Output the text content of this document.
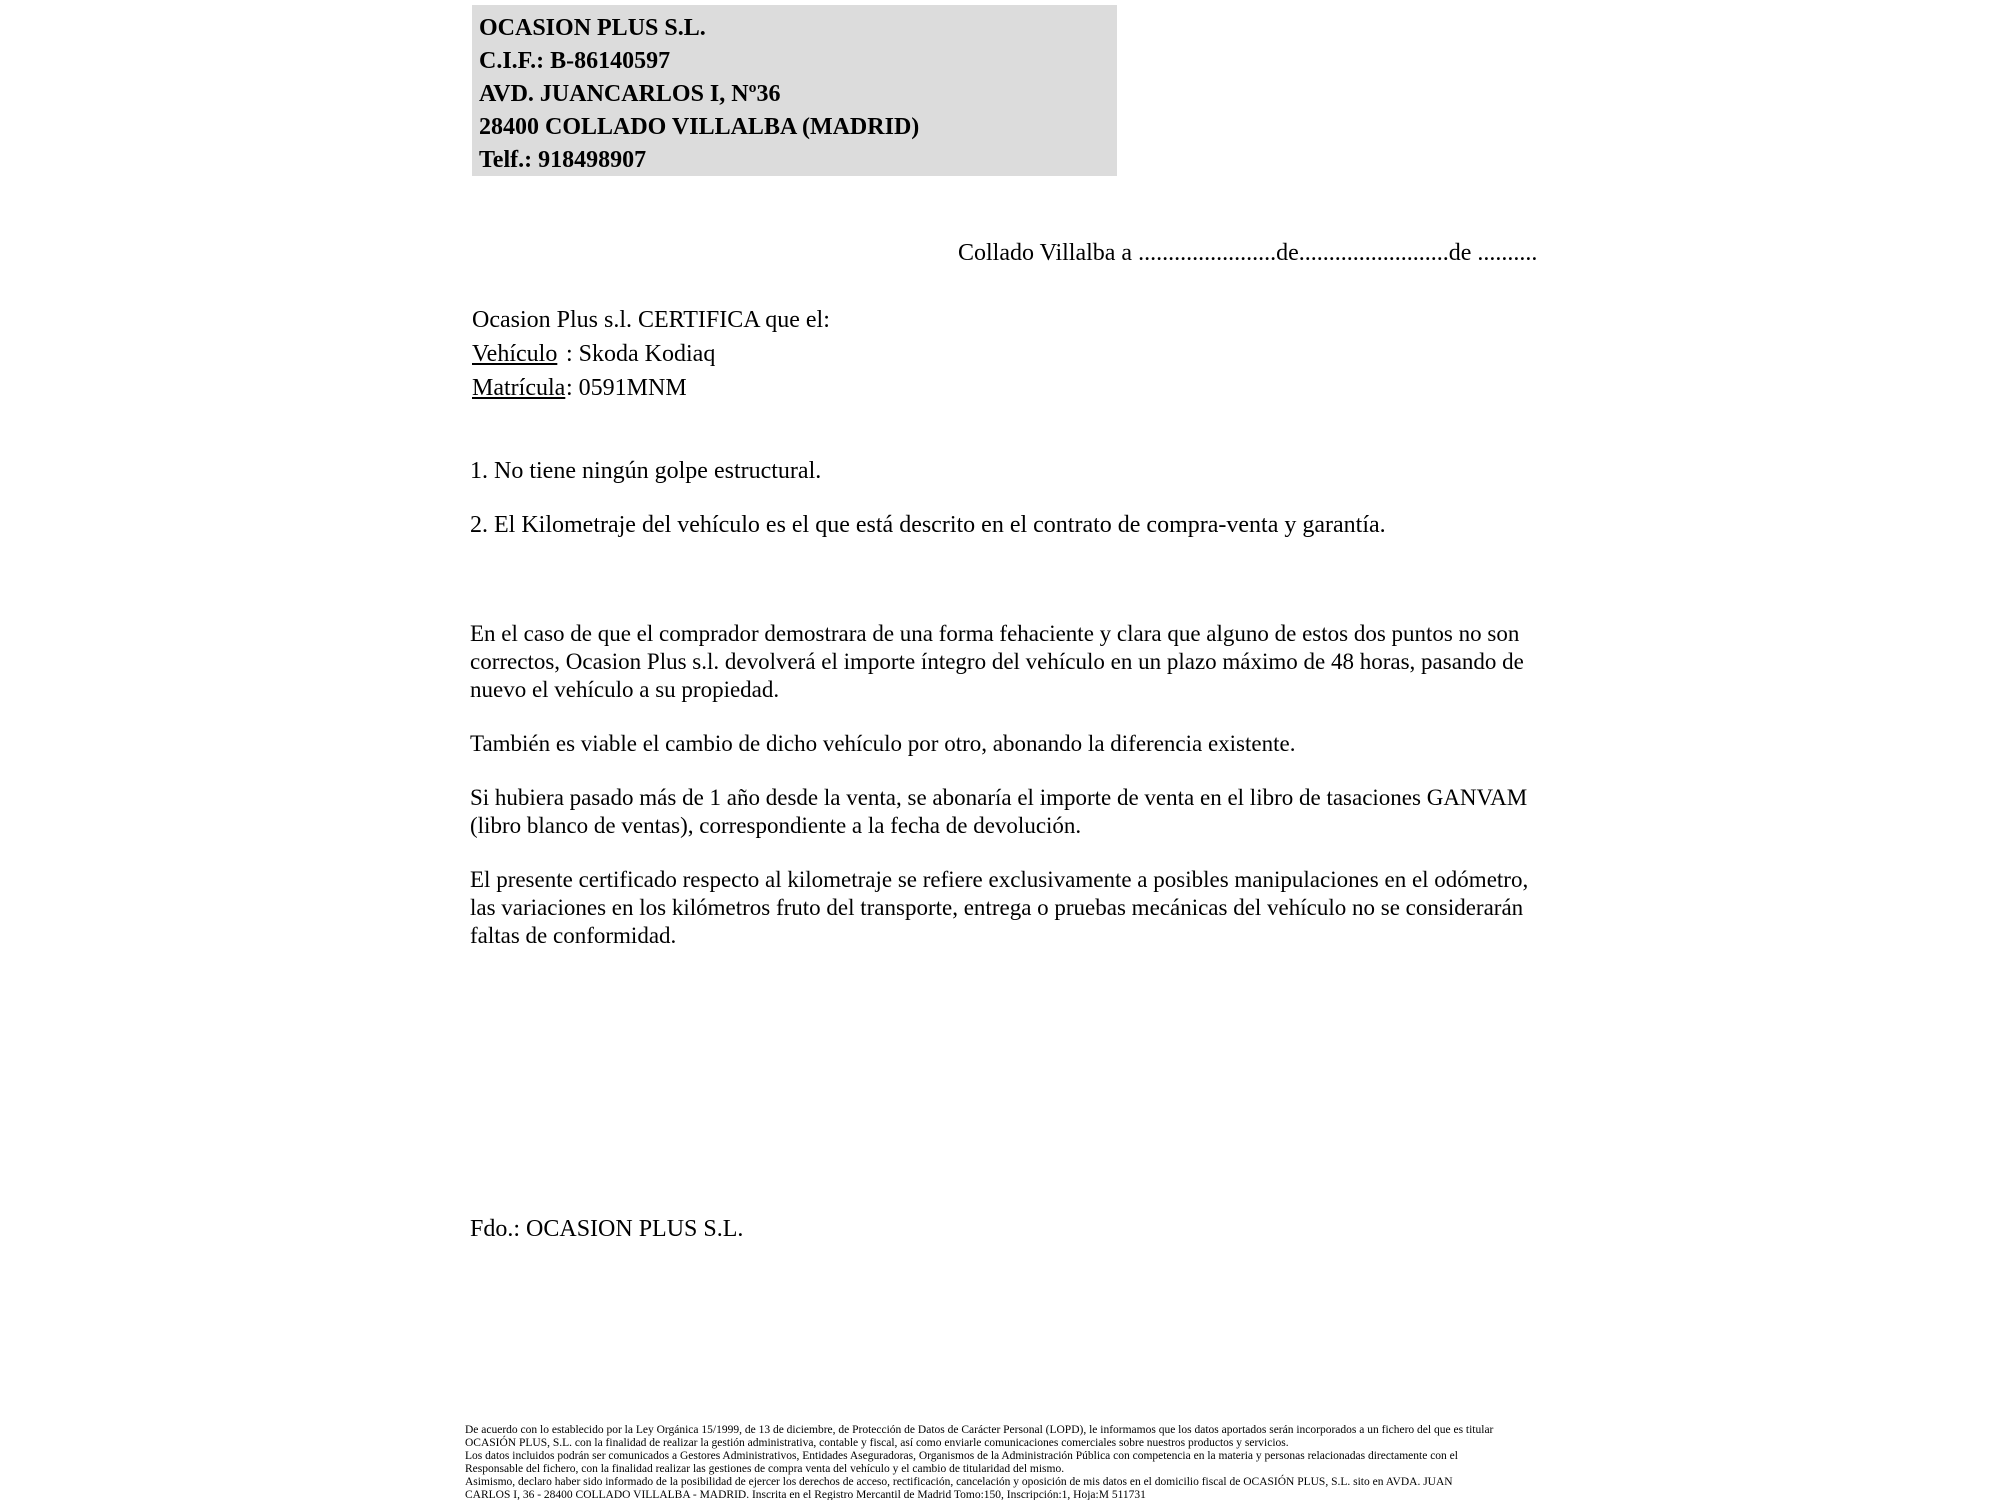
OCASION PLUS S.L.
C.I.F.: B-86140597
AVD. JUANCARLOS I, Nº36
28400 COLLADO VILLALBA (MADRID)
Telf.: 918498907
Collado Villalba a .......................de.........................de ..........
Ocasion Plus s.l. CERTIFICA que el:
Vehículo : Skoda Kodiaq
Matrícula: 0591MNM
1. No tiene ningún golpe estructural.
2. El Kilometraje del vehículo es el que está descrito en el contrato de compra-venta y garantía.

En el caso de que el comprador demostrara de una forma fehaciente y clara que alguno de estos dos puntos no son correctos, Ocasion Plus s.l. devolverá el importe íntegro del vehículo en un plazo máximo de 48 horas, pasando de nuevo el vehículo a su propiedad.

También es viable el cambio de dicho vehículo por otro, abonando la diferencia existente.

Si hubiera pasado más de 1 año desde la venta, se abonaría el importe de venta en el libro de tasaciones GANVAM (libro blanco de ventas), correspondiente a la fecha de devolución.

El presente certificado respecto al kilometraje se refiere exclusivamente a posibles manipulaciones en el odómetro, las variaciones en los kilómetros fruto del transporte, entrega o pruebas mecánicas del vehículo no se considerarán faltas de conformidad.

Fdo.: OCASION PLUS S.L.
De acuerdo con lo establecido por la Ley Orgánica 15/1999, de 13 de diciembre, de Protección de Datos de Carácter Personal (LOPD), le informamos que los datos aportados serán incorporados a un fichero del que es titular
OCASIÓN PLUS, S.L. con la finalidad de realizar la gestión administrativa, contable y fiscal, así como enviarle comunicaciones comerciales sobre nuestros productos y servicios.
Los datos incluidos podrán ser comunicados a Gestores Administrativos, Entidades Aseguradoras, Organismos de la Administración Pública con competencia en la materia y personas relacionadas directamente con el
Responsable del fichero, con la finalidad realizar las gestiones de compra venta del vehículo y el cambio de titularidad del mismo.
Asimismo, declaro haber sido informado de la posibilidad de ejercer los derechos de acceso, rectificación, cancelación y oposición de mis datos en el domicilio fiscal de OCASIÓN PLUS, S.L. sito en AVDA. JUAN
CARLOS I, 36 - 28400 COLLADO VILLALBA - MADRID. Inscrita en el Registro Mercantil de Madrid Tomo:150, Inscripción:1, Hoja:M 511731
